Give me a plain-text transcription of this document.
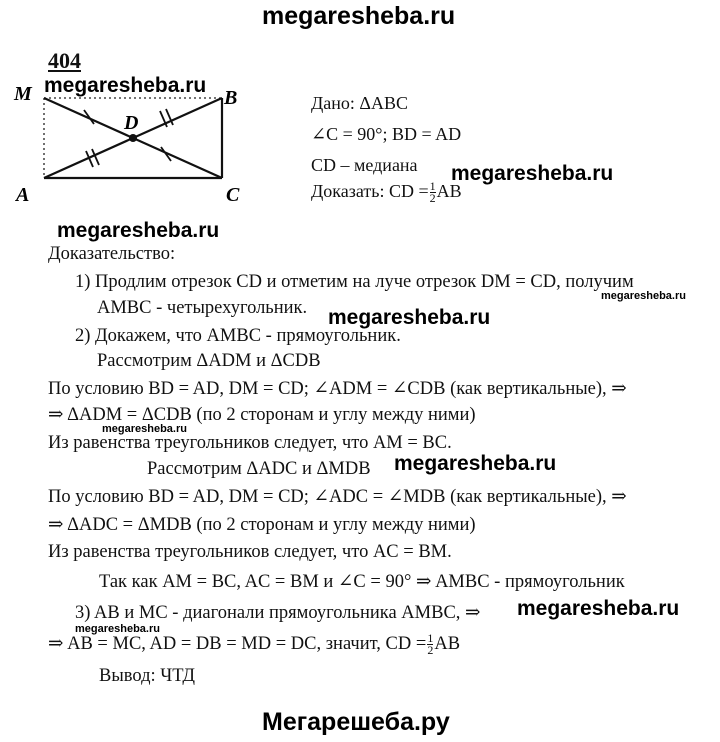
megaresheba.ru
404
M	B
A	C
D
megaresheba.ru
Дано: ΔABC
∠C = 90°; BD = AD
CD – медиана
Доказать: CD = $\frac{1}{2}$ AB
megaresheba.ru
megaresheba.ru
Доказательство:
1) Продлим отрезок CD и отметим на луче отрезок DM = CD, получим
AMBC - четырехугольник.
megaresheba.ru
megaresheba.ru
2) Докажем, что AMBC - прямоугольник.
Рассмотрим ΔADM и ΔCDB
По условию BD = AD, DM = CD; ∠ADM = ∠CDB (как вертикальные), ⇒
⇒ ΔADM = ΔCDB (по 2 сторонам и углу между ними)
megaresheba.ru
Из равенства треугольников следует, что AM = BC.
Рассмотрим ΔADC и ΔMDB megaresheba.ru
По условию BD = AD, DM = CD; ∠ADC = ∠MDB (как вертикальные), ⇒
⇒ ΔADC = ΔMDB (по 2 сторонам и углу между ними)
Из равенства треугольников следует, что AC = BM.
Так как AM = BC, AC = BM и ∠C = 90° ⇒ AMBC - прямоугольник
3) AB и MC - диагонали прямоугольника AMBC, ⇒ megaresheba.ru
megaresheba.ru
⇒ AB = MC, AD = DB = MD = DC, значит, CD = $\frac{1}{2}$ AB
Вывод: ЧТД
Мегарешеба.ру
